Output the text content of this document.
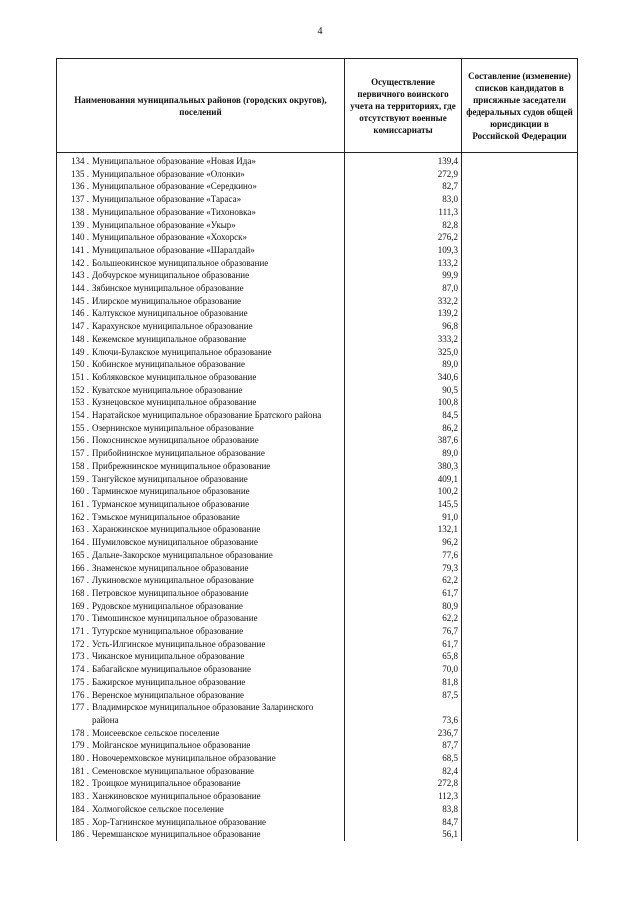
4
Наименования муниципальных районов (городских округов), поселений	Осуществление первичного воинского учета на территориях, где отсутствуют военные комиссариаты	Составление (изменение) списков кандидатов в присяжные заседатели федеральных судов общей юрисдикции в Российской Федерации
134 . Муниципальное образование «Новая Ида»	139,4	
135 . Муниципальное образование «Олонки»	272,9	
136 . Муниципальное образование «Середкино»	82,7	
137 . Муниципальное образование «Тараса»	83,0	
138 . Муниципальное образование «Тихоновка»	111,3	
139 . Муниципальное образование «Укыр»	82,8	
140 . Муниципальное образование «Хохорск»	276,2	
141 . Муниципальное образование «Шаралдай»	109,3	
142 . Большеокинское муниципальное образование	133,2	
143 . Добчурское муниципальное образование	99,9	
144 . Зябинское муниципальное образование	87,0	
145 . Илирское муниципальное образование	332,2	
146 . Калтукское муниципальное образование	139,2	
147 . Карахунское муниципальное образование	96,8	
148 . Кежемское муниципальное образование	333,2	
149 . Ключи-Булакское муниципальное образование	325,0	
150 . Кобинское муниципальное образование	89,0	
151 . Кобляковское муниципальное образование	340,6	
152 . Куватское муниципальное образование	90,5	
153 . Кузнецовское муниципальное образование	100,8	
154 . Наратайское муниципальное образование Братского района	84,5	
155 . Озернинское муниципальное образование	86,2	
156 . Покоснинское муниципальное образование	387,6	
157 . Прибойнинское муниципальное образование	89,0	
158 . Прибрежнинское муниципальное образование	380,3	
159 . Тангуйское муниципальное образование	409,1	
160 . Тарминское муниципальное образование	100,2	
161 . Турманское муниципальное образование	145,5	
162 . Тэмьское муниципальное образование	91,0	
163 . Харанжинское муниципальное образование	132,1	
164 . Шумиловское муниципальное образование	96,2	
165 . Дальне-Закорское муниципальное образование	77,6	
166 . Знаменское муниципальное образование	79,3	
167 . Лукиновское муниципальное образование	62,2	
168 . Петровское муниципальное образование	61,7	
169 . Рудовское муниципальное образование	80,9	
170 . Тимошинское муниципальное образование	62,2	
171 . Тутурское муниципальное образование	76,7	
172 . Усть-Илгинское муниципальное образование	61,7	
173 . Чиканское муниципальное образование	65,8	
174 . Бабагайское муниципальное образование	70,0	
175 . Бажирское муниципальное образование	81,8	
176 . Веренское муниципальное образование	87,5	
177 . Владимирское муниципальное образование Заларинского
района	73,6	
178 . Моисеевское сельское поселение	236,7	
179 . Мойганское муниципальное образование	87,7	
180 . Новочеремховское муниципальное образование	68,5	
181 . Семеновское муниципальное образование	82,4	
182 . Троицкое муниципальное образование	272,8	
183 . Ханжиновское муниципальное образование	112,3	
184 . Холмогойское сельское поселение	83,8	
185 . Хор-Тагнинское муниципальное образование	84,7	
186 . Черемшанское муниципальное образование	56,1	
